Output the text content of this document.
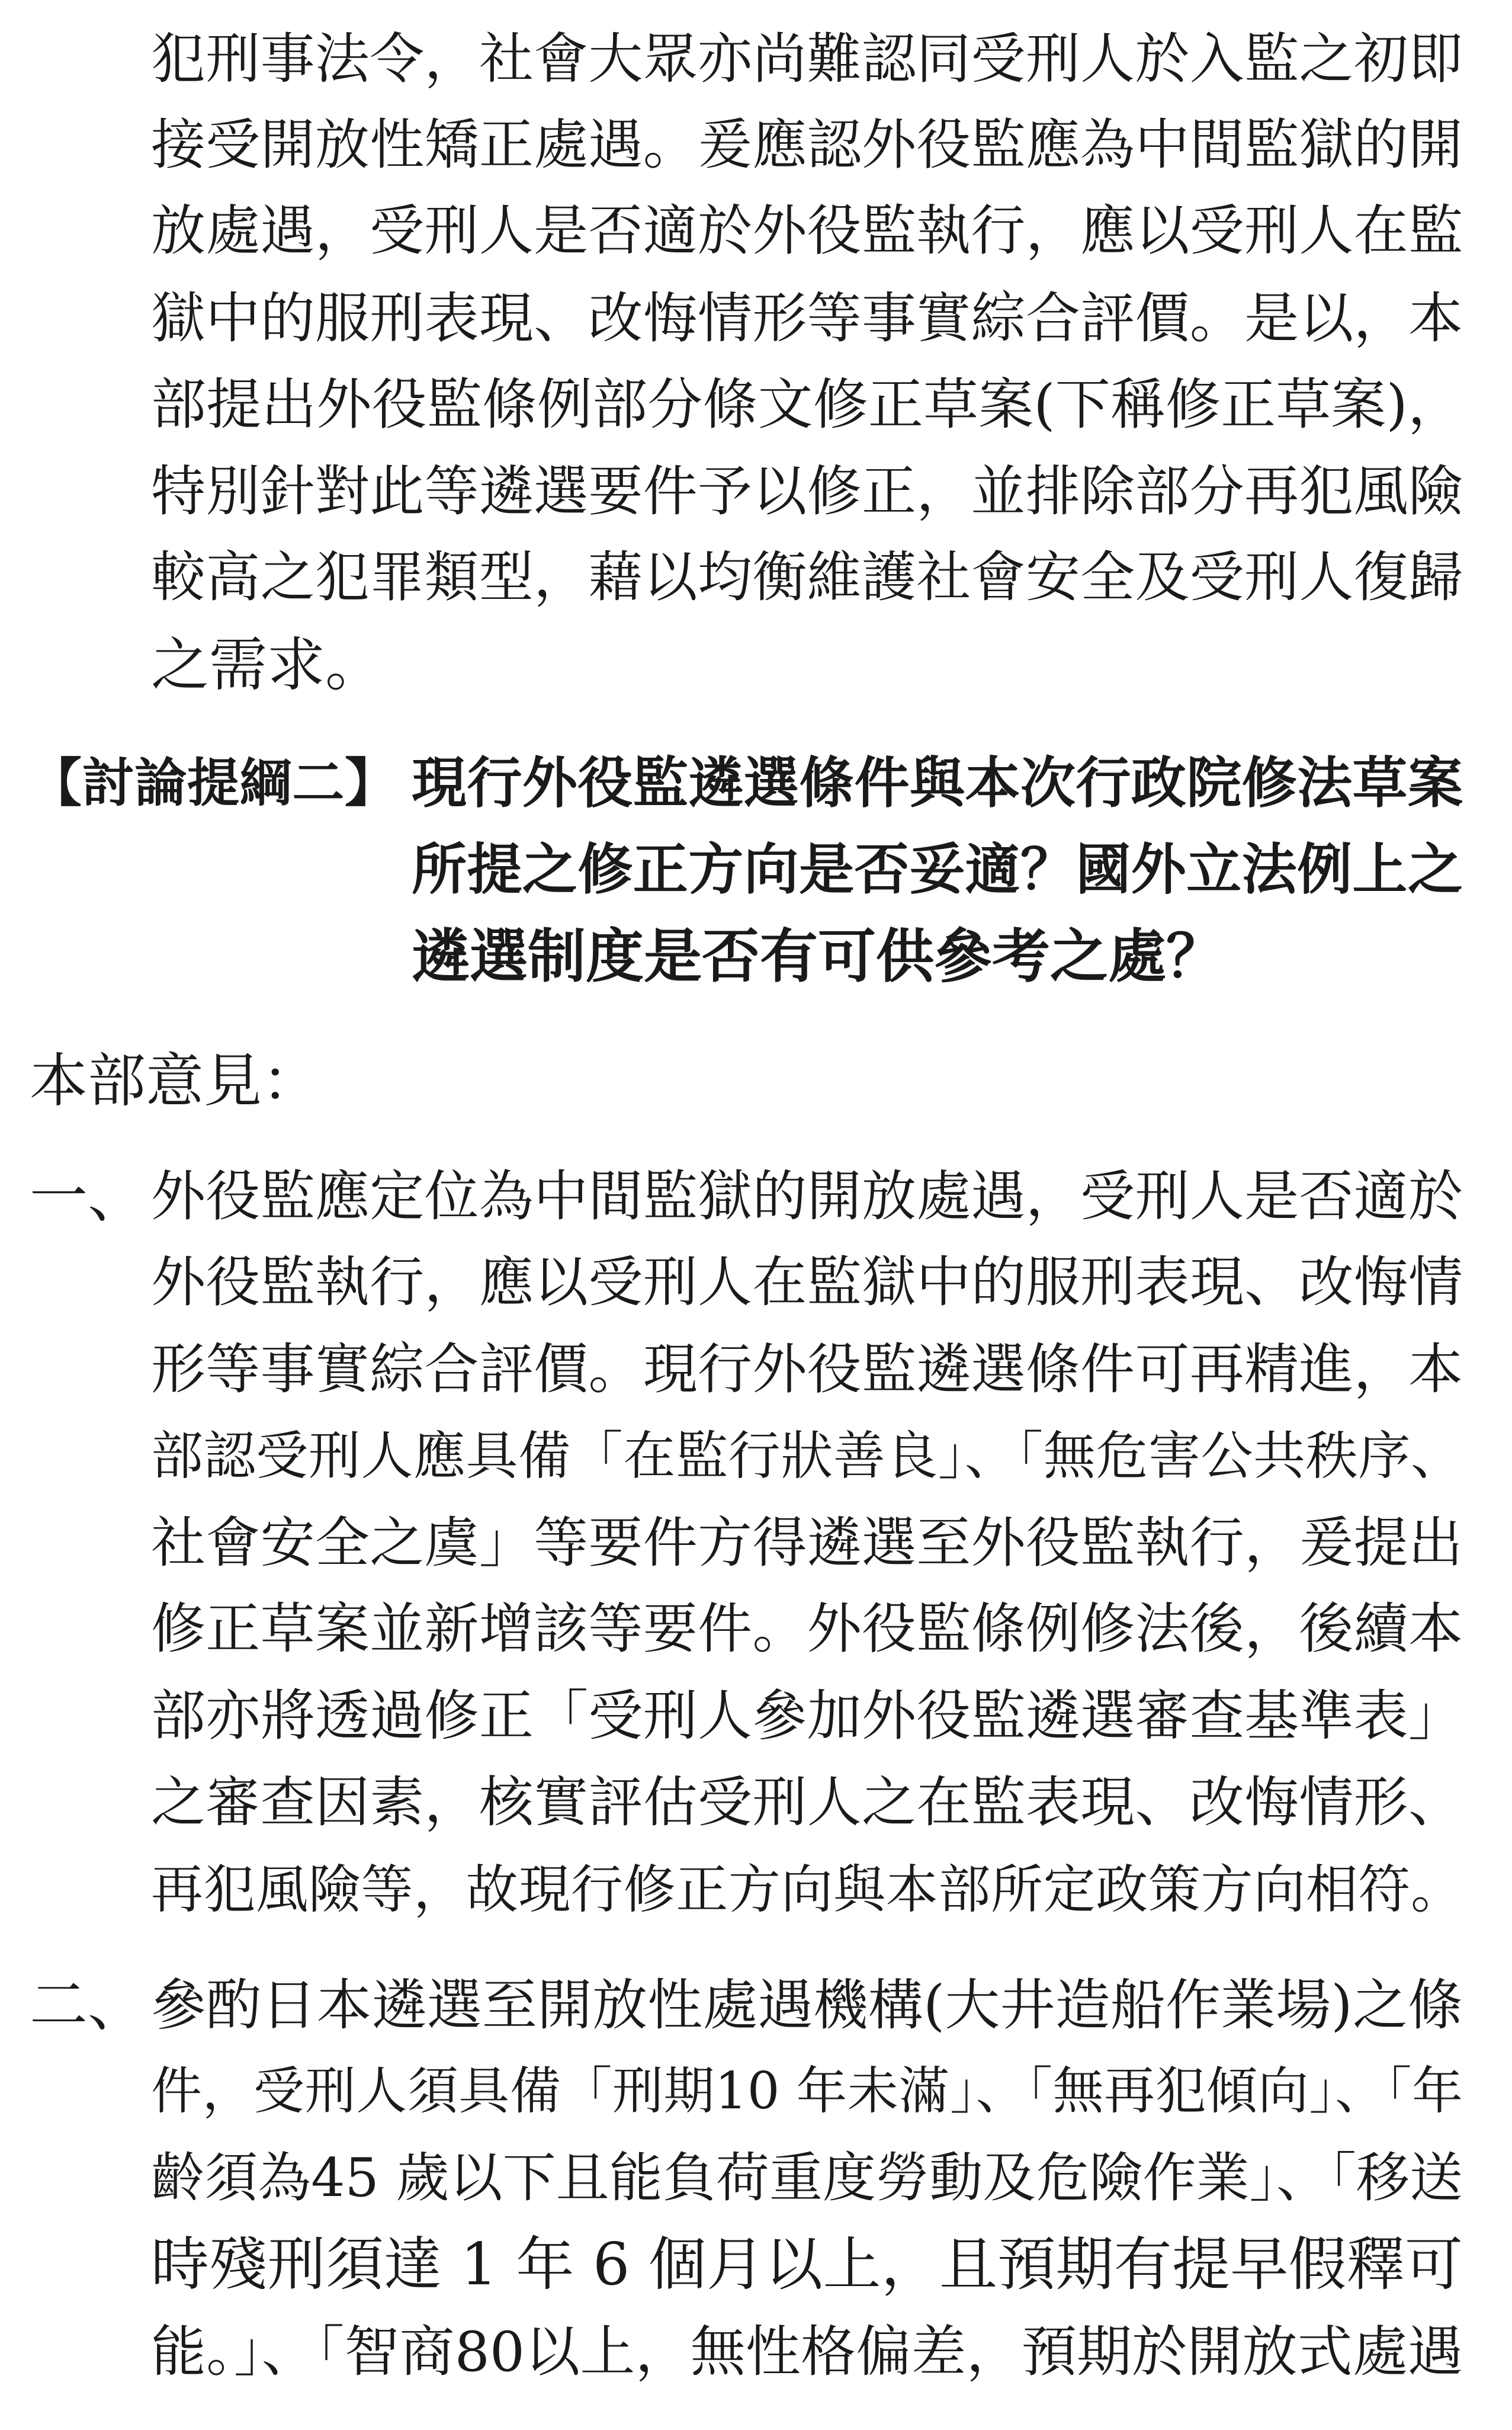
犯刑事法令，社會大眾亦尚難認同受刑人於入監之初即
接受開放性矯正處遇。爰應認外役監應為中間監獄的開
放處遇，受刑人是否適於外役監執行，應以受刑人在監
獄中的服刑表現、改悔情形等事實綜合評價。是以，本
部提出外役監條例部分條文修正草案(下稱修正草案)，
特別針對此等遴選要件予以修正，並排除部分再犯風險
較高之犯罪類型，藉以均衡維護社會安全及受刑人復歸
之需求。
【討論提綱二】 現行外役監遴選條件與本次行政院修法草案
所提之修正方向是否妥適？國外立法例上之
遴選制度是否有可供參考之處？
本部意見：
一、 外役監應定位為中間監獄的開放處遇，受刑人是否適於
外役監執行，應以受刑人在監獄中的服刑表現、改悔情
形等事實綜合評價。現行外役監遴選條件可再精進，本
部認受刑人應具備「在監行狀善良」、「無危害公共秩序、
社會安全之虞」等要件方得遴選至外役監執行，爰提出
修正草案並新增該等要件。外役監條例修法後，後續本
部亦將透過修正「受刑人參加外役監遴選審查基準表」
之審查因素，核實評估受刑人之在監表現、改悔情形、
再犯風險等，故現行修正方向與本部所定政策方向相符。
二、 參酌日本遴選至開放性處遇機構(大井造船作業場)之條
件，受刑人須具備「刑期10 年未滿」、「無再犯傾向」、「年
齡須為45 歲以下且能負荷重度勞動及危險作業」、「移送
時殘刑須達 1 年 6 個月以上，且預期有提早假釋可
能。」、「智商80以上，無性格偏差，預期於開放式處遇
